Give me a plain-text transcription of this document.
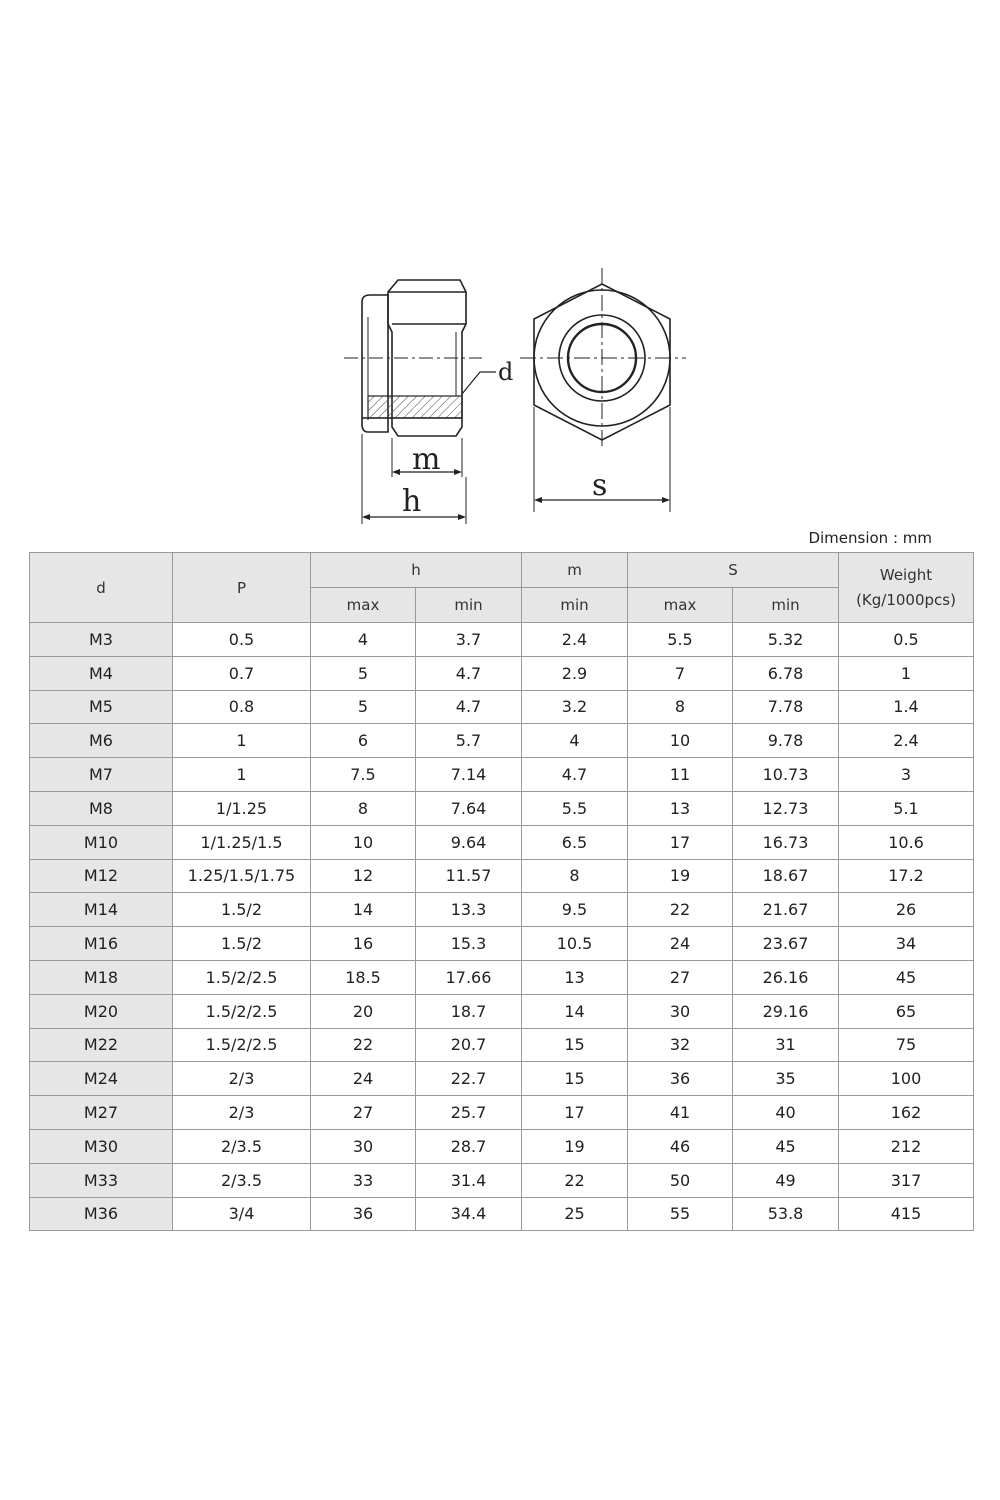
d
m
h	s
Dimension : mm
d	P	h		m	S		Weight
(Kg/1000pcs)
		max	min	min	max	min	
M3	0.5	4	3.7	2.4	5.5	5.32	0.5
M4	0.7	5	4.7	2.9	7	6.78	1
M5	0.8	5	4.7	3.2	8	7.78	1.4
M6	1	6	5.7	4	10	9.78	2.4
M7	1	7.5	7.14	4.7	11	10.73	3
M8	1/1.25	8	7.64	5.5	13	12.73	5.1
M10	1/1.25/1.5	10	9.64	6.5	17	16.73	10.6
M12	1.25/1.5/1.75	12	11.57	8	19	18.67	17.2
M14	1.5/2	14	13.3	9.5	22	21.67	26
M16	1.5/2	16	15.3	10.5	24	23.67	34
M18	1.5/2/2.5	18.5	17.66	13	27	26.16	45
M20	1.5/2/2.5	20	18.7	14	30	29.16	65
M22	1.5/2/2.5	22	20.7	15	32	31	75
M24	2/3	24	22.7	15	36	35	100
M27	2/3	27	25.7	17	41	40	162
M30	2/3.5	30	28.7	19	46	45	212
M33	2/3.5	33	31.4	22	50	49	317
M36	3/4	36	34.4	25	55	53.8	415
